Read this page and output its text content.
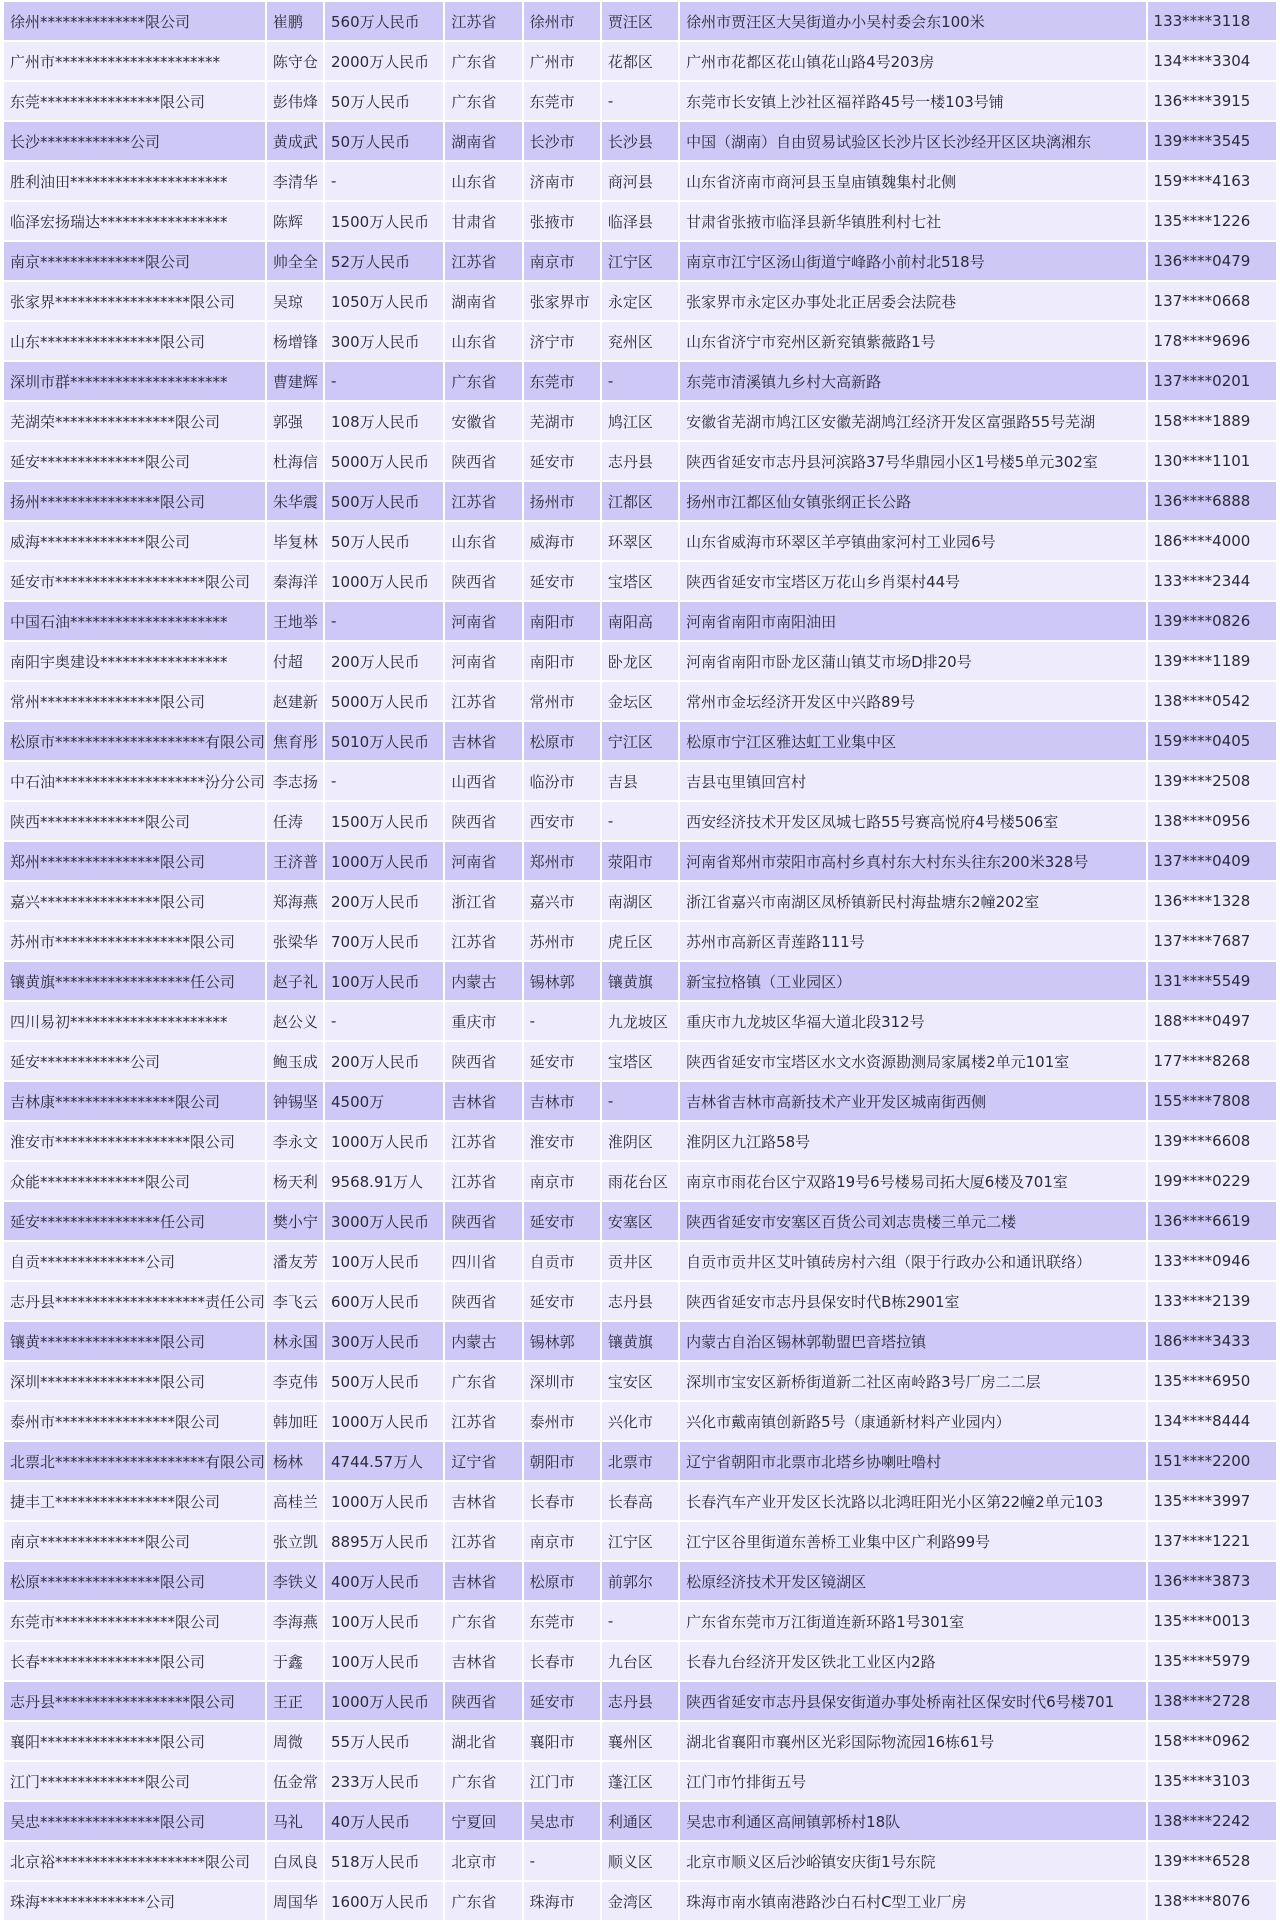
徐州**************限公司	崔鹏	560万人民币	江苏省	徐州市	贾汪区	徐州市贾汪区大吴街道办小吴村委会东100米	133****3118
广州市**********************	陈守仓	2000万人民币	广东省	广州市	花都区	广州市花都区花山镇花山路4号203房	134****3304
东莞****************限公司	彭伟烽	50万人民币	广东省	东莞市	-	东莞市长安镇上沙社区福祥路45号一楼103号铺	136****3915
长沙************公司	黄成武	50万人民币	湖南省	长沙市	长沙县	中国（湖南）自由贸易试验区长沙片区长沙经开区区块漓湘东	139****3545
胜利油田*********************	李清华	-	山东省	济南市	商河县	山东省济南市商河县玉皇庙镇魏集村北侧	159****4163
临泽宏扬瑞达*****************	陈辉	1500万人民币	甘肃省	张掖市	临泽县	甘肃省张掖市临泽县新华镇胜利村七社	135****1226
南京**************限公司	帅全全	52万人民币	江苏省	南京市	江宁区	南京市江宁区汤山街道宁峰路小前村北518号	136****0479
张家界******************限公司	吴琼	1050万人民币	湖南省	张家界市	永定区	张家界市永定区办事处北正居委会法院巷	137****0668
山东****************限公司	杨增锋	300万人民币	山东省	济宁市	兖州区	山东省济宁市兖州区新兖镇紫薇路1号	178****9696
深圳市群*********************	曹建辉	-	广东省	东莞市	-	东莞市清溪镇九乡村大高新路	137****0201
芜湖荣****************限公司	郭强	108万人民币	安徽省	芜湖市	鸠江区	安徽省芜湖市鸠江区安徽芜湖鸠江经济开发区富强路55号芜湖	158****1889
延安**************限公司	杜海信	5000万人民币	陕西省	延安市	志丹县	陕西省延安市志丹县河滨路37号华鼎园小区1号楼5单元302室	130****1101
扬州****************限公司	朱华震	500万人民币	江苏省	扬州市	江都区	扬州市江都区仙女镇张纲正长公路	136****6888
威海**************限公司	毕复林	50万人民币	山东省	威海市	环翠区	山东省威海市环翠区羊亭镇曲家河村工业园6号	186****4000
延安市********************限公司	秦海洋	1000万人民币	陕西省	延安市	宝塔区	陕西省延安市宝塔区万花山乡肖渠村44号	133****2344
中国石油*********************	王地举	-	河南省	南阳市	南阳高	河南省南阳市南阳油田	139****0826
南阳宇奥建设*****************	付超	200万人民币	河南省	南阳市	卧龙区	河南省南阳市卧龙区蒲山镇艾市场D排20号	139****1189
常州****************限公司	赵建新	5000万人民币	江苏省	常州市	金坛区	常州市金坛经济开发区中兴路89号	138****0542
松原市********************有限公司	焦育彤	5010万人民币	吉林省	松原市	宁江区	松原市宁江区雅达虹工业集中区	159****0405
中石油********************汾分公司	李志扬	-	山西省	临汾市	吉县	吉县屯里镇回宫村	139****2508
陕西**************限公司	任涛	1500万人民币	陕西省	西安市	-	西安经济技术开发区凤城七路55号赛高悦府4号楼506室	138****0956
郑州****************限公司	王济普	1000万人民币	河南省	郑州市	荥阳市	河南省郑州市荥阳市高村乡真村东大村东头往东200米328号	137****0409
嘉兴****************限公司	郑海燕	200万人民币	浙江省	嘉兴市	南湖区	浙江省嘉兴市南湖区凤桥镇新民村海盐塘东2幢202室	136****1328
苏州市******************限公司	张梁华	700万人民币	江苏省	苏州市	虎丘区	苏州市高新区青莲路111号	137****7687
镶黄旗******************任公司	赵子礼	100万人民币	内蒙古	锡林郭	镶黄旗	新宝拉格镇（工业园区）	131****5549
四川易初*********************	赵公义	-	重庆市	-	九龙坡区	重庆市九龙坡区华福大道北段312号	188****0497
延安************公司	鲍玉成	200万人民币	陕西省	延安市	宝塔区	陕西省延安市宝塔区水文水资源勘测局家属楼2单元101室	177****8268
吉林康****************限公司	钟锡坚	4500万	吉林省	吉林市	-	吉林省吉林市高新技术产业开发区城南街西侧	155****7808
淮安市******************限公司	李永文	1000万人民币	江苏省	淮安市	淮阴区	淮阴区九江路58号	139****6608
众能**************限公司	杨天利	9568.91万人	江苏省	南京市	雨花台区	南京市雨花台区宁双路19号6号楼易司拓大厦6楼及701室	199****0229
延安****************任公司	樊小宁	3000万人民币	陕西省	延安市	安塞区	陕西省延安市安塞区百货公司刘志贵楼三单元二楼	136****6619
自贡**************公司	潘友芳	100万人民币	四川省	自贡市	贡井区	自贡市贡井区艾叶镇砖房村六组（限于行政办公和通讯联络）	133****0946
志丹县********************责任公司	李飞云	600万人民币	陕西省	延安市	志丹县	陕西省延安市志丹县保安时代B栋2901室	133****2139
镶黄****************限公司	林永国	300万人民币	内蒙古	锡林郭	镶黄旗	内蒙古自治区锡林郭勒盟巴音塔拉镇	186****3433
深圳****************限公司	李克伟	500万人民币	广东省	深圳市	宝安区	深圳市宝安区新桥街道新二社区南岭路3号厂房二二层	135****6950
泰州市****************限公司	韩加旺	1000万人民币	江苏省	泰州市	兴化市	兴化市戴南镇创新路5号（康通新材料产业园内）	134****8444
北票北********************有限公司	杨林	4744.57万人	辽宁省	朝阳市	北票市	辽宁省朝阳市北票市北塔乡协喇吐噜村	151****2200
捷丰工****************限公司	高桂兰	1000万人民币	吉林省	长春市	长春高	长春汽车产业开发区长沈路以北鸿旺阳光小区第22幢2单元103	135****3997
南京**************限公司	张立凯	8895万人民币	江苏省	南京市	江宁区	江宁区谷里街道东善桥工业集中区广利路99号	137****1221
松原****************限公司	李铁义	400万人民币	吉林省	松原市	前郭尔	松原经济技术开发区镜湖区	136****3873
东莞市****************限公司	李海燕	100万人民币	广东省	东莞市	-	广东省东莞市万江街道连新环路1号301室	135****0013
长春****************限公司	于鑫	100万人民币	吉林省	长春市	九台区	长春九台经济开发区铁北工业区内2路	135****5979
志丹县******************限公司	王正	1000万人民币	陕西省	延安市	志丹县	陕西省延安市志丹县保安街道办事处桥南社区保安时代6号楼701	138****2728
襄阳****************限公司	周微	55万人民币	湖北省	襄阳市	襄州区	湖北省襄阳市襄州区光彩国际物流园16栋61号	158****0962
江门**************限公司	伍金常	233万人民币	广东省	江门市	蓬江区	江门市竹排街五号	135****3103
吴忠****************限公司	马礼	40万人民币	宁夏回	吴忠市	利通区	吴忠市利通区高闸镇郭桥村18队	138****2242
北京裕********************限公司	白凤良	518万人民币	北京市	-	顺义区	北京市顺义区后沙峪镇安庆街1号东院	139****6528
珠海**************公司	周国华	1600万人民币	广东省	珠海市	金湾区	珠海市南水镇南港路沙白石村C型工业厂房	138****8076
